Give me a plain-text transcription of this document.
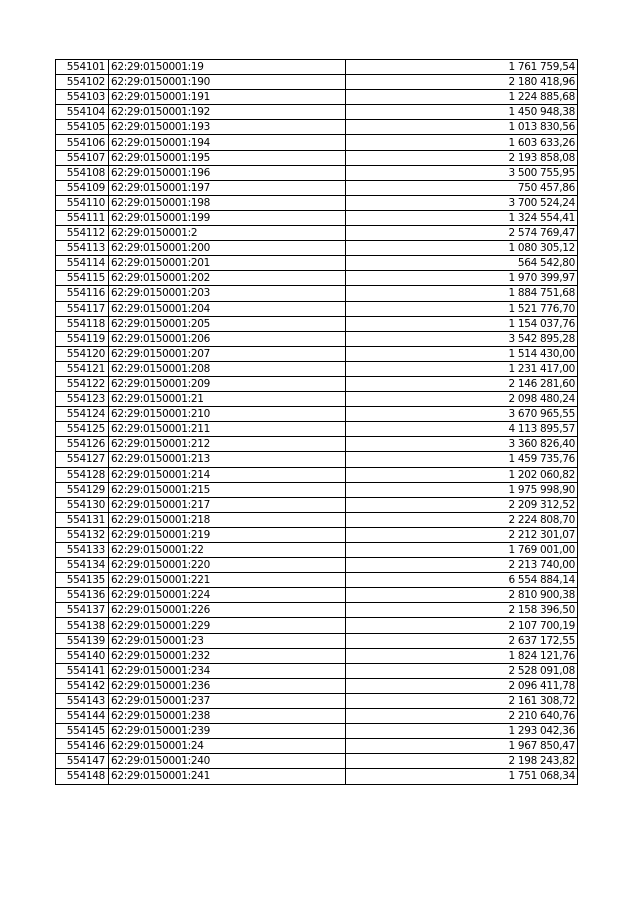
554101	62:29:0150001:19	1 761 759,54
554102	62:29:0150001:190	2 180 418,96
554103	62:29:0150001:191	1 224 885,68
554104	62:29:0150001:192	1 450 948,38
554105	62:29:0150001:193	1 013 830,56
554106	62:29:0150001:194	1 603 633,26
554107	62:29:0150001:195	2 193 858,08
554108	62:29:0150001:196	3 500 755,95
554109	62:29:0150001:197	750 457,86
554110	62:29:0150001:198	3 700 524,24
554111	62:29:0150001:199	1 324 554,41
554112	62:29:0150001:2	2 574 769,47
554113	62:29:0150001:200	1 080 305,12
554114	62:29:0150001:201	564 542,80
554115	62:29:0150001:202	1 970 399,97
554116	62:29:0150001:203	1 884 751,68
554117	62:29:0150001:204	1 521 776,70
554118	62:29:0150001:205	1 154 037,76
554119	62:29:0150001:206	3 542 895,28
554120	62:29:0150001:207	1 514 430,00
554121	62:29:0150001:208	1 231 417,00
554122	62:29:0150001:209	2 146 281,60
554123	62:29:0150001:21	2 098 480,24
554124	62:29:0150001:210	3 670 965,55
554125	62:29:0150001:211	4 113 895,57
554126	62:29:0150001:212	3 360 826,40
554127	62:29:0150001:213	1 459 735,76
554128	62:29:0150001:214	1 202 060,82
554129	62:29:0150001:215	1 975 998,90
554130	62:29:0150001:217	2 209 312,52
554131	62:29:0150001:218	2 224 808,70
554132	62:29:0150001:219	2 212 301,07
554133	62:29:0150001:22	1 769 001,00
554134	62:29:0150001:220	2 213 740,00
554135	62:29:0150001:221	6 554 884,14
554136	62:29:0150001:224	2 810 900,38
554137	62:29:0150001:226	2 158 396,50
554138	62:29:0150001:229	2 107 700,19
554139	62:29:0150001:23	2 637 172,55
554140	62:29:0150001:232	1 824 121,76
554141	62:29:0150001:234	2 528 091,08
554142	62:29:0150001:236	2 096 411,78
554143	62:29:0150001:237	2 161 308,72
554144	62:29:0150001:238	2 210 640,76
554145	62:29:0150001:239	1 293 042,36
554146	62:29:0150001:24	1 967 850,47
554147	62:29:0150001:240	2 198 243,82
554148	62:29:0150001:241	1 751 068,34
